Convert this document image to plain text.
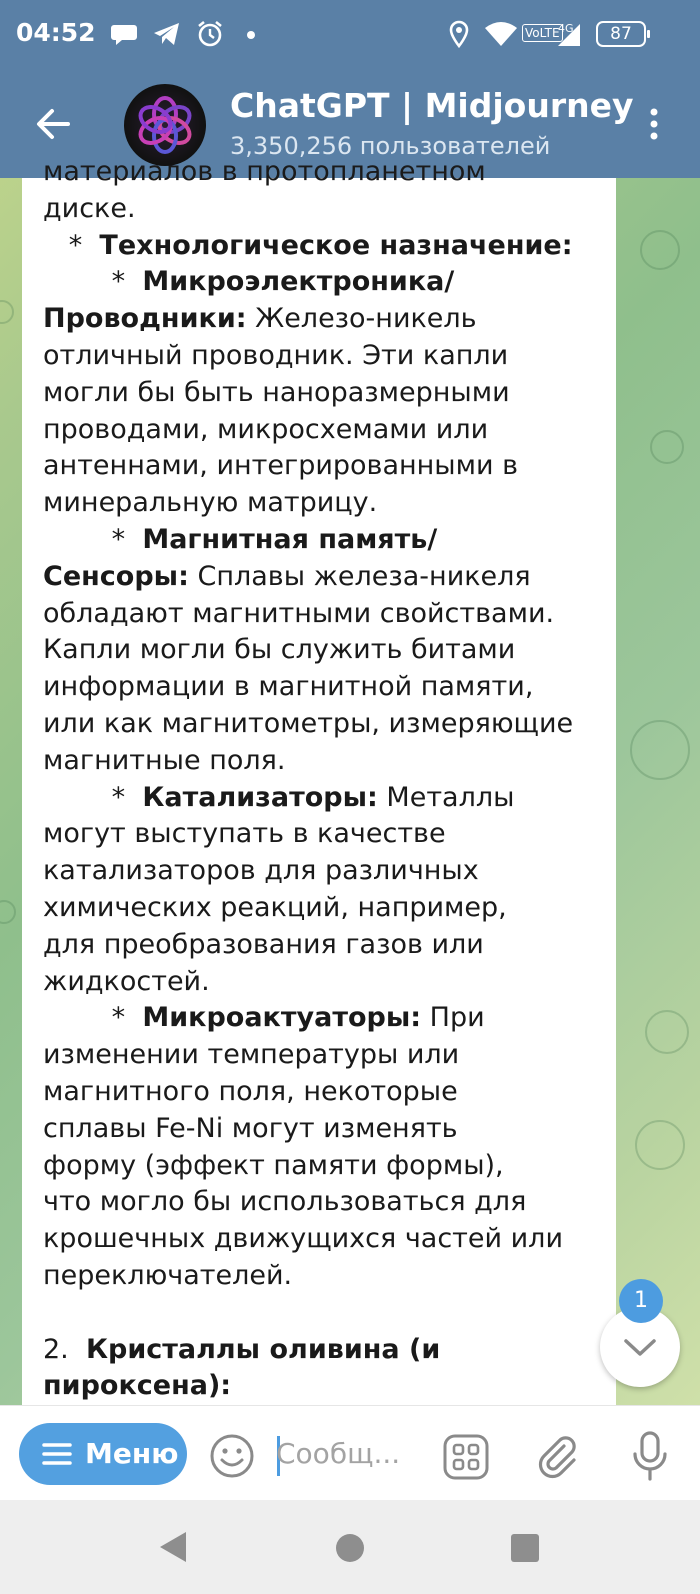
04:52	VoLTE
4G	87
ChatGPT | Midjourney
3,350,256 пользователей
материалов в протопланетном
диске.
*  Технологическое назначение:
*  Микроэлектроника/
Проводники: Железо-никель
отличный проводник. Эти капли
могли бы быть наноразмерными
проводами, микросхемами или
антеннами, интегрированными в
минеральную матрицу.
*  Магнитная память/
Сенсоры: Сплавы железа-никеля
обладают магнитными свойствами.
Капли могли бы служить битами
информации в магнитной памяти,
или как магнитометры, измеряющие
магнитные поля.
*  Катализаторы: Металлы
могут выступать в качестве
катализаторов для различных
химических реакций, например,
для преобразования газов или
жидкостей.
*  Микроактуаторы: При
изменении температуры или
магнитного поля, некоторые
сплавы Fe-Ni могут изменять
форму (эффект памяти формы),
что могло бы использоваться для
крошечных движущихся частей или
переключателей.
2.  Кристаллы оливина (и
пироксена):
1
Меню	Сообщ...
